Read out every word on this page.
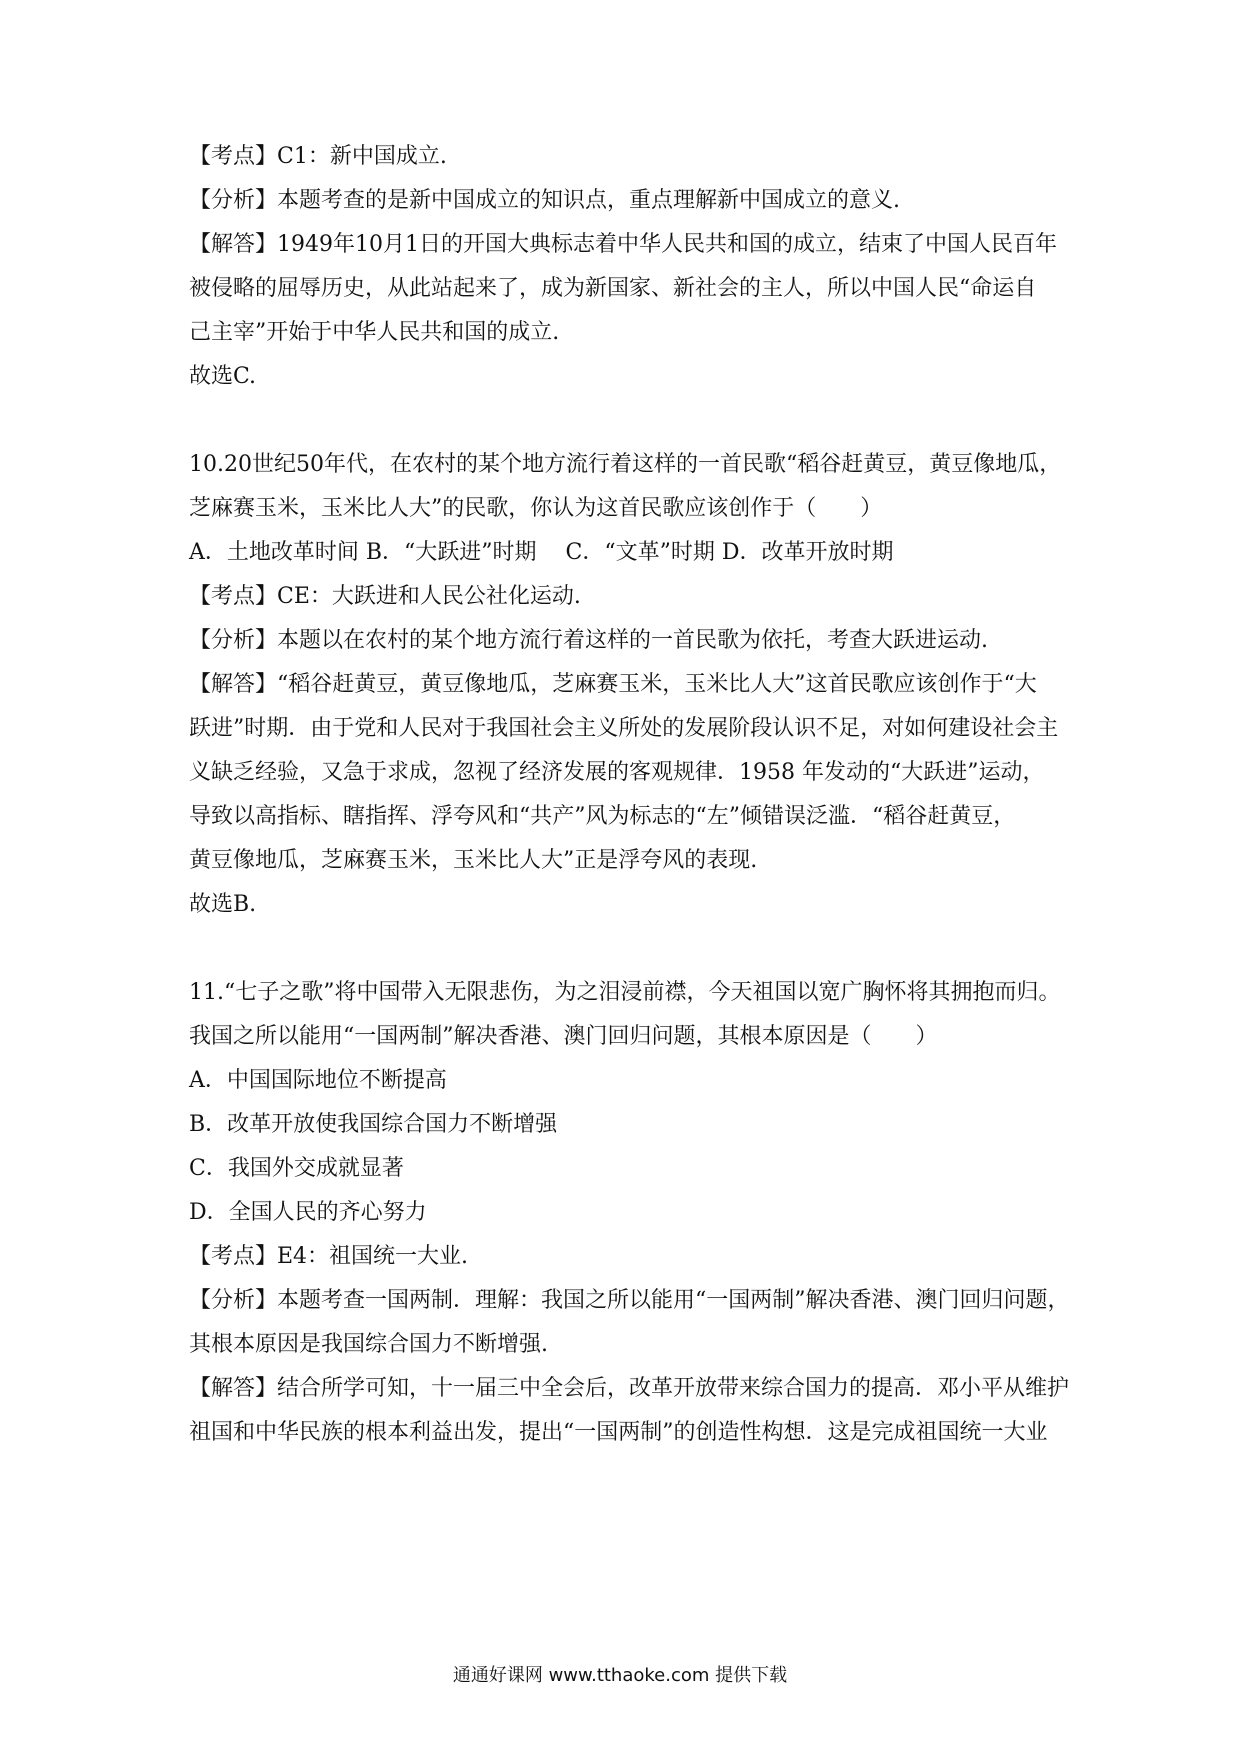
【考点】C1：新中国成立.
【分析】本题考查的是新中国成立的知识点，重点理解新中国成立的意义.
【解答】1949年10月1日的开国大典标志着中华人民共和国的成立，结束了中国人民百年
被侵略的屈辱历史，从此站起来了，成为新国家、新社会的主人，所以中国人民“命运自
己主宰”开始于中华人民共和国的成立.
故选C.
10.20世纪50年代，在农村的某个地方流行着这样的一首民歌“稻谷赶黄豆，黄豆像地瓜，
芝麻赛玉米，玉米比人大”的民歌，你认为这首民歌应该创作于（　　）
A．土地改革时间 B．“大跃进”时期　 C．“文革”时期 D．改革开放时期
【考点】CE：大跃进和人民公社化运动.
【分析】本题以在农村的某个地方流行着这样的一首民歌为依托，考查大跃进运动.
【解答】“稻谷赶黄豆，黄豆像地瓜，芝麻赛玉米，玉米比人大”这首民歌应该创作于“大
跃进”时期．由于党和人民对于我国社会主义所处的发展阶段认识不足，对如何建设社会主
义缺乏经验，又急于求成，忽视了经济发展的客观规律．1958 年发动的“大跃进”运动，
导致以高指标、瞎指挥、浮夸风和“共产”风为标志的“左”倾错误泛滥．“稻谷赶黄豆，
黄豆像地瓜，芝麻赛玉米，玉米比人大”正是浮夸风的表现.
故选B.
11.“七子之歌”将中国带入无限悲伤，为之泪浸前襟，今天祖国以宽广胸怀将其拥抱而归。
我国之所以能用“一国两制”解决香港、澳门回归问题，其根本原因是（　　）
A．中国国际地位不断提高
B．改革开放使我国综合国力不断增强
C．我国外交成就显著
D．全国人民的齐心努力
【考点】E4：祖国统一大业.
【分析】本题考查一国两制．理解：我国之所以能用“一国两制”解决香港、澳门回归问题，
其根本原因是我国综合国力不断增强.
【解答】结合所学可知，十一届三中全会后，改革开放带来综合国力的提高．邓小平从维护
祖国和中华民族的根本利益出发，提出“一国两制”的创造性构想．这是完成祖国统一大业
通通好课网 www.tthaoke.com 提供下载
